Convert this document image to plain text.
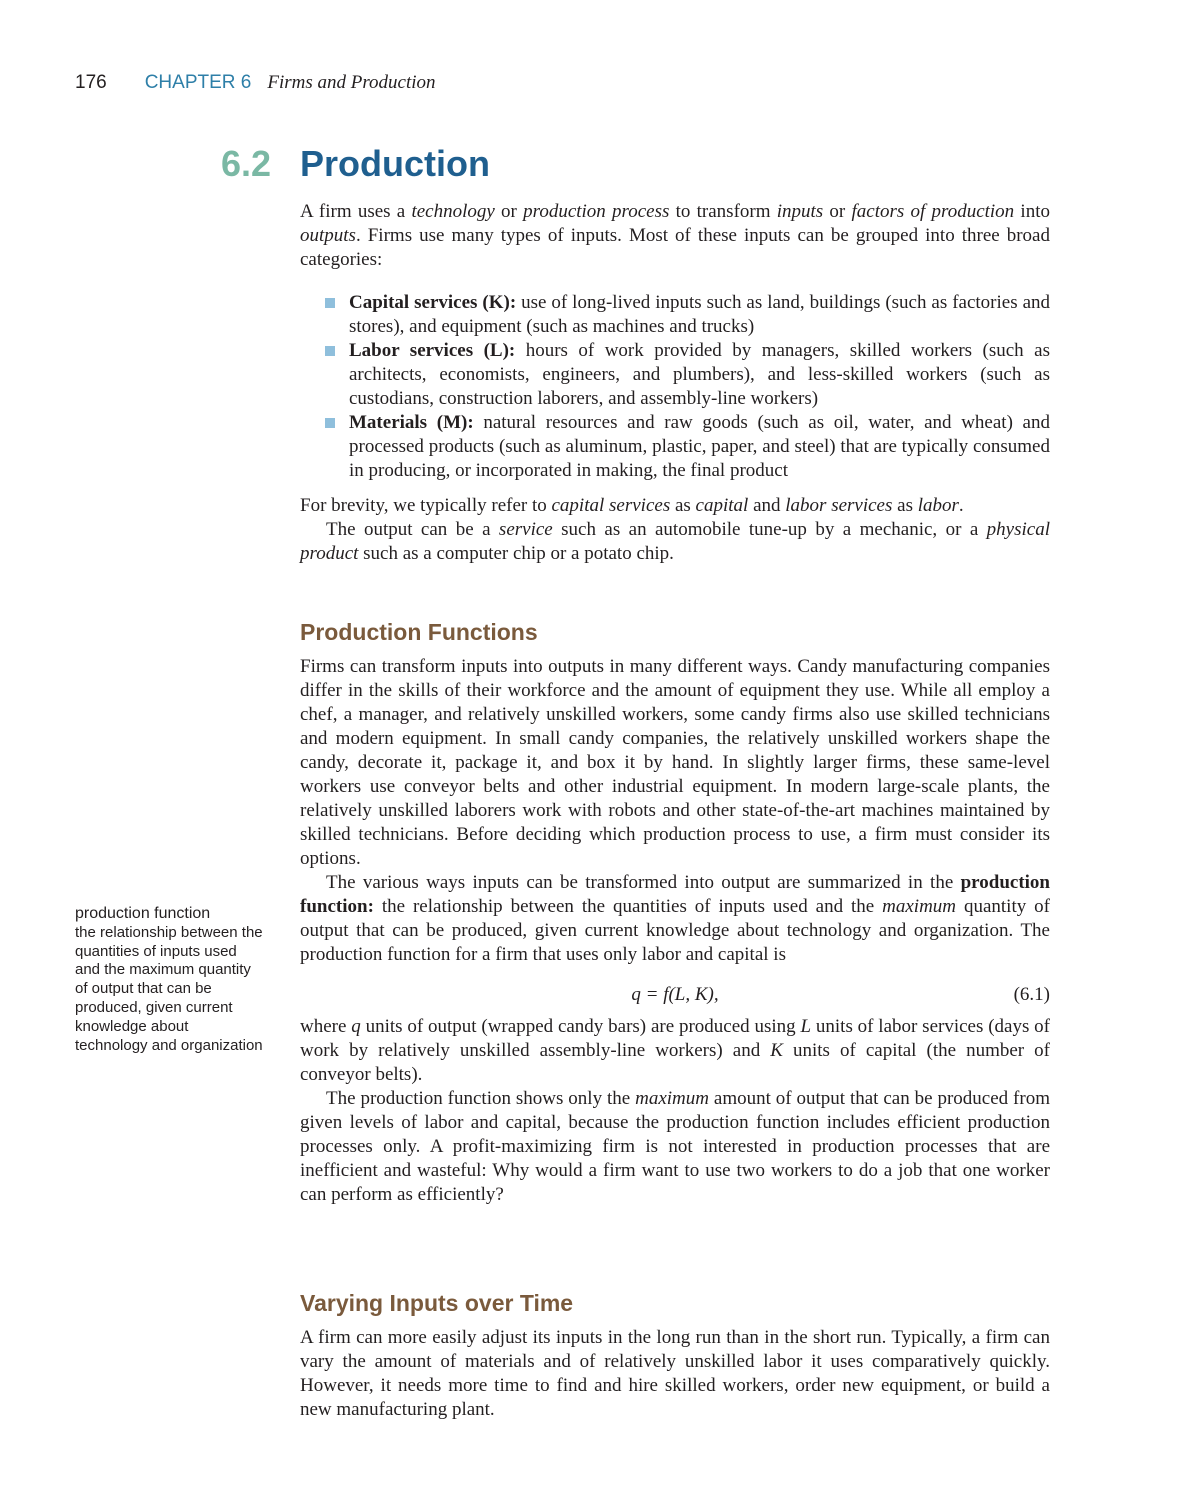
176 CHAPTER 6 Firms and Production
6.2 Production

A firm uses a technology or production process to transform inputs or factors of production into outputs. Firms use many types of inputs. Most of these inputs can be grouped into three broad categories:

Capital services (K): use of long-lived inputs such as land, buildings (such as factories and stores), and equipment (such as machines and trucks)
Labor services (L): hours of work provided by managers, skilled workers (such as architects, economists, engineers, and plumbers), and less-skilled workers (such as custodians, construction laborers, and assembly-line workers)
Materials (M): natural resources and raw goods (such as oil, water, and wheat) and processed products (such as aluminum, plastic, paper, and steel) that are typically consumed in producing, or incorporated in making, the final product

For brevity, we typically refer to capital services as capital and labor services as labor.

The output can be a service such as an automobile tune-up by a mechanic, or a physical product such as a computer chip or a potato chip.

Production Functions

Firms can transform inputs into outputs in many different ways. Candy manufacturing companies differ in the skills of their workforce and the amount of equipment they use. While all employ a chef, a manager, and relatively unskilled workers, some candy firms also use skilled technicians and modern equipment. In small candy companies, the relatively unskilled workers shape the candy, decorate it, package it, and box it by hand. In slightly larger firms, these same-level workers use conveyor belts and other industrial equipment. In modern large-scale plants, the relatively unskilled laborers work with robots and other state-of-the-art machines maintained by skilled technicians. Before deciding which production process to use, a firm must consider its options.

The various ways inputs can be transformed into output are summarized in the production function: the relationship between the quantities of inputs used and the maximum quantity of output that can be produced, given current knowledge about technology and organization. The production function for a firm that uses only labor and capital is

q = f(L, K),	(6.1)

where q units of output (wrapped candy bars) are produced using L units of labor services (days of work by relatively unskilled assembly-line workers) and K units of capital (the number of conveyor belts).

The production function shows only the maximum amount of output that can be produced from given levels of labor and capital, because the production function includes efficient production processes only. A profit-maximizing firm is not interested in production processes that are inefficient and wasteful: Why would a firm want to use two workers to do a job that one worker can perform as efficiently?

Varying Inputs over Time

A firm can more easily adjust its inputs in the long run than in the short run. Typically, a firm can vary the amount of materials and of relatively unskilled labor it uses comparatively quickly. However, it needs more time to find and hire skilled workers, order new equipment, or build a new manufacturing plant.

production function
the relationship between the quantities of inputs used and the maximum quantity of output that can be produced, given current knowledge about technology and organization
